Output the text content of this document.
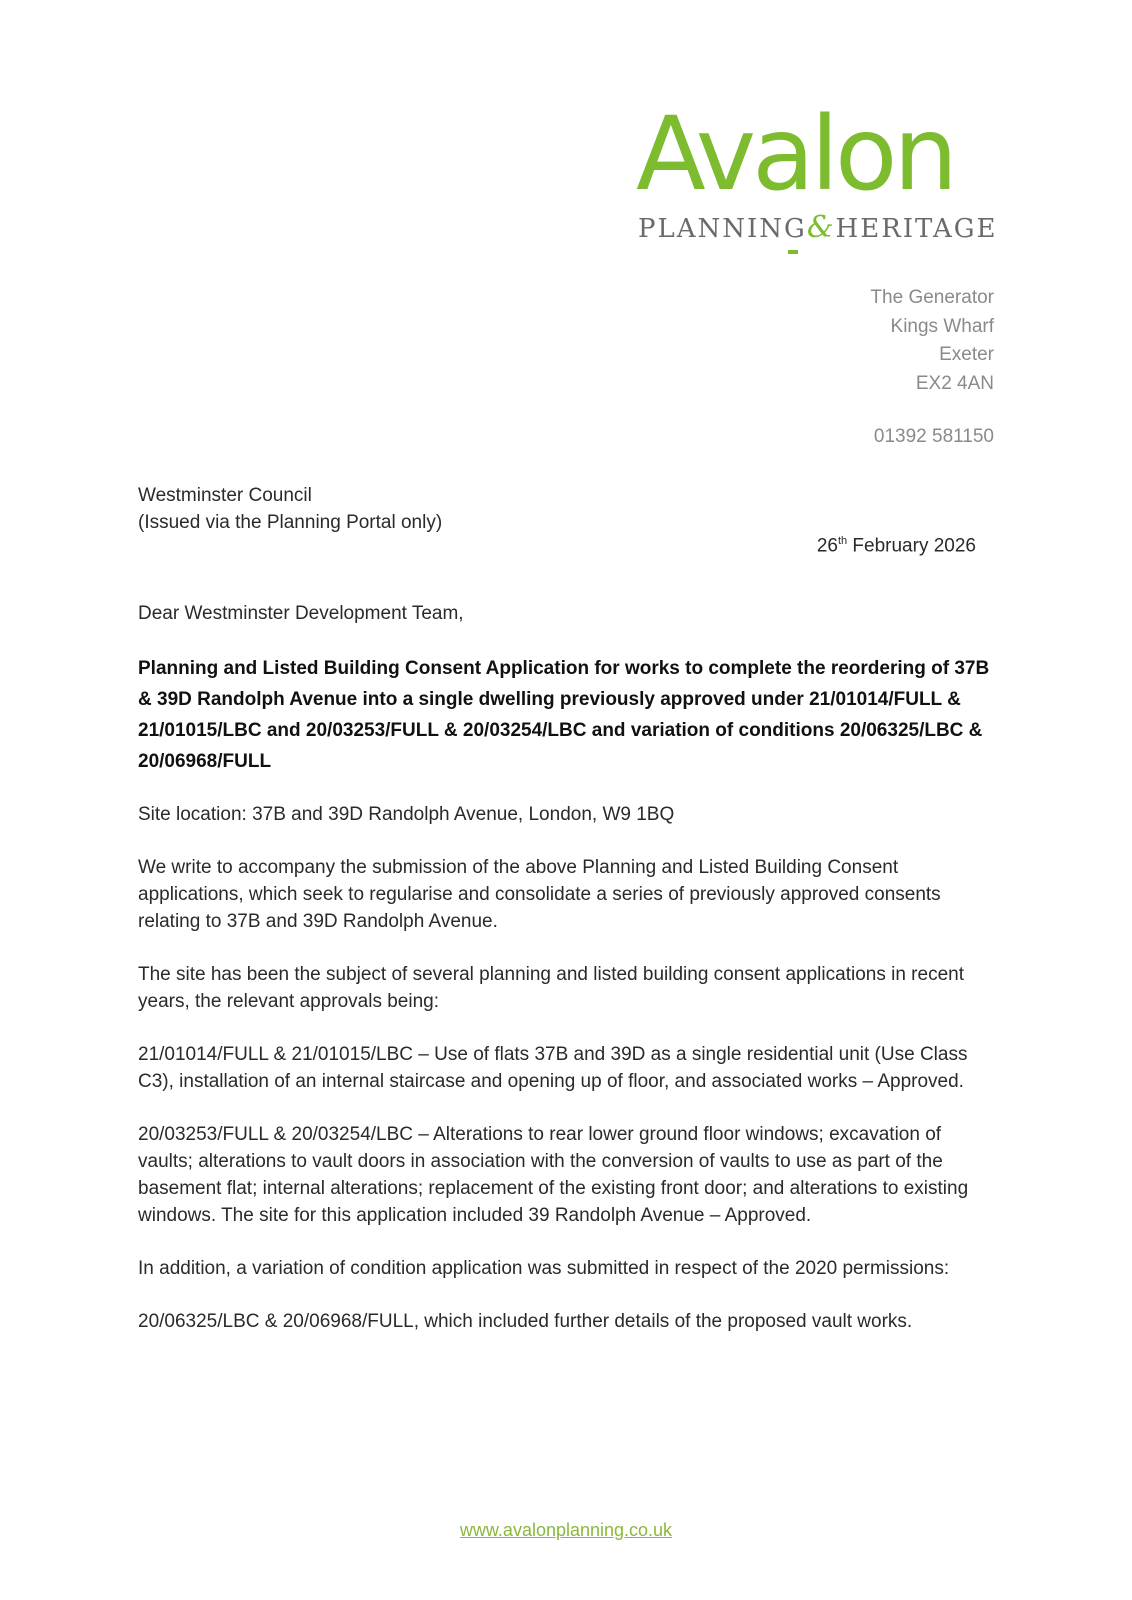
Avalon
PLANNING&HERITAGE
The Generator
Kings Wharf
Exeter
EX2 4AN
01392 581150
Westminster Council
(Issued via the Planning Portal only)
26th February 2026

Dear Westminster Development Team,

Planning and Listed Building Consent Application for works to complete the reordering of 37B & 39D Randolph Avenue into a single dwelling previously approved under 21/01014/FULL & 21/01015/LBC and 20/03253/FULL & 20/03254/LBC and variation of conditions 20/06325/LBC & 20/06968/FULL

Site location: 37B and 39D Randolph Avenue, London, W9 1BQ

We write to accompany the submission of the above Planning and Listed Building Consent applications, which seek to regularise and consolidate a series of previously approved consents relating to 37B and 39D Randolph Avenue.

The site has been the subject of several planning and listed building consent applications in recent years, the relevant approvals being:

21/01014/FULL & 21/01015/LBC – Use of flats 37B and 39D as a single residential unit (Use Class C3), installation of an internal staircase and opening up of floor, and associated works – Approved.

20/03253/FULL & 20/03254/LBC – Alterations to rear lower ground floor windows; excavation of vaults; alterations to vault doors in association with the conversion of vaults to use as part of the basement flat; internal alterations; replacement of the existing front door; and alterations to existing windows. The site for this application included 39 Randolph Avenue – Approved.

In addition, a variation of condition application was submitted in respect of the 2020 permissions:

20/06325/LBC & 20/06968/FULL, which included further details of the proposed vault works.

www.avalonplanning.co.uk
